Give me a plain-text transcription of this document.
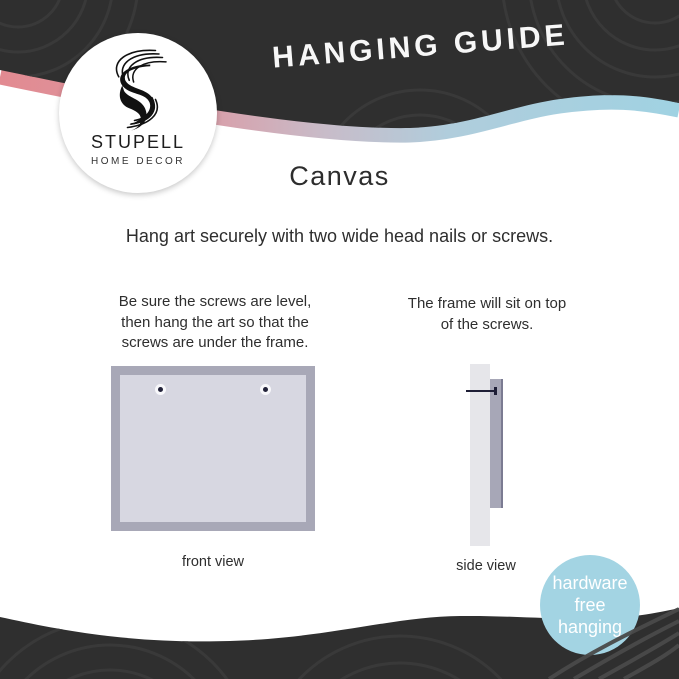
HANGING GUIDE
STUPELL
HOME DECOR	Canvas

Hang art securely with two wide head nails or screws.

Be sure the screws are level,
then hang the art so that the
screws are under the frame.
The frame will sit on top
of the screws.
front view	side view
hardware
free
hanging
